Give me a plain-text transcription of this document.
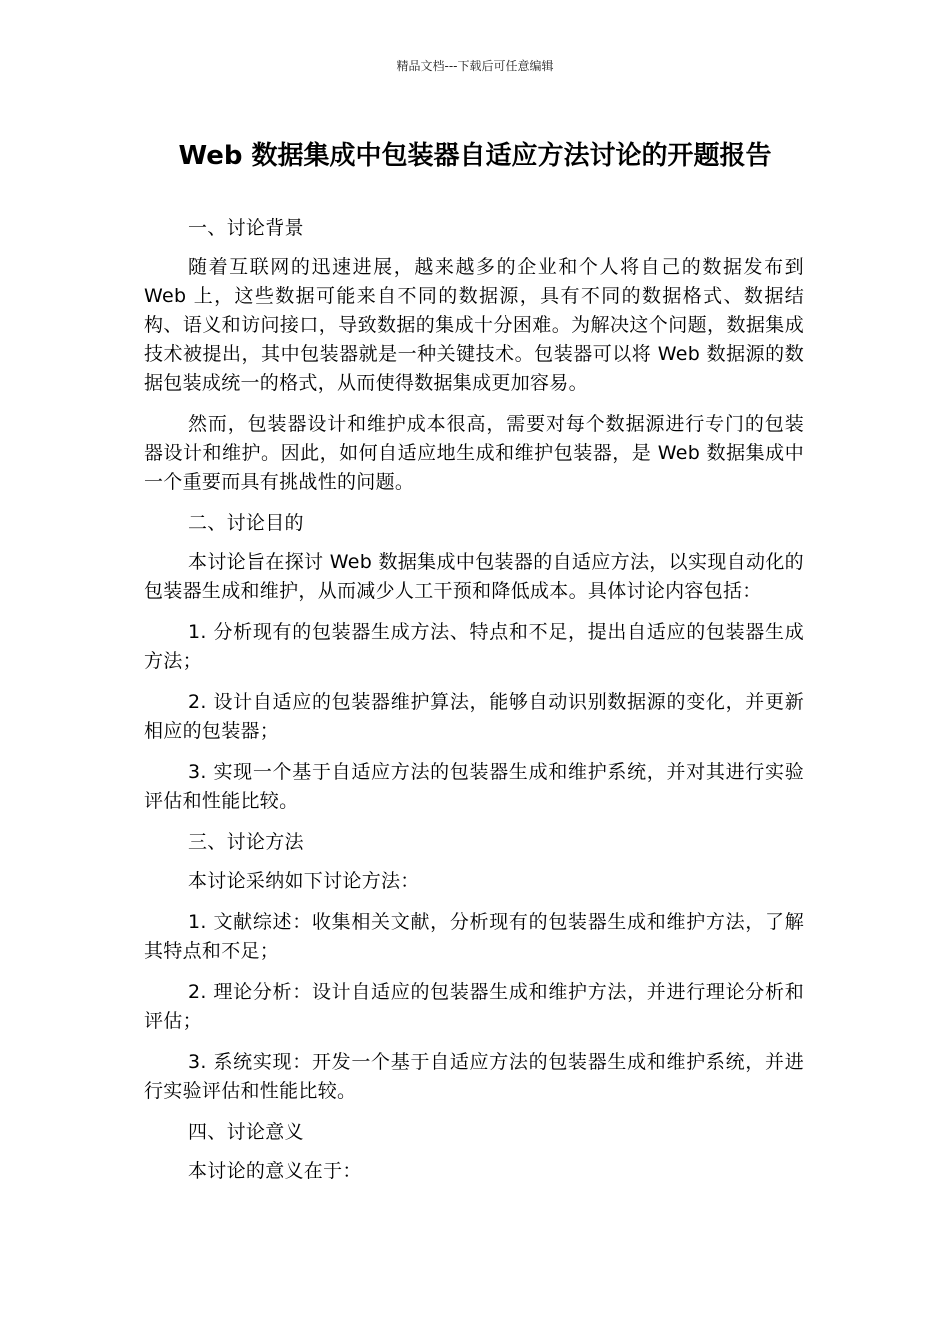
精品文档---下载后可任意编辑
Web 数据集成中包装器自适应方法讨论的开题报告

一、讨论背景

随着互联网的迅速进展，越来越多的企业和个人将自己的数据发布到 Web 上，这些数据可能来自不同的数据源，具有不同的数据格式、数据结构、语义和访问接口，导致数据的集成十分困难。为解决这个问题，数据集成技术被提出，其中包装器就是一种关键技术。包装器可以将 Web 数据源的数据包装成统一的格式，从而使得数据集成更加容易。

然而，包装器设计和维护成本很高，需要对每个数据源进行专门的包装器设计和维护。因此，如何自适应地生成和维护包装器，是 Web 数据集成中一个重要而具有挑战性的问题。

二、讨论目的

本讨论旨在探讨 Web 数据集成中包装器的自适应方法，以实现自动化的包装器生成和维护，从而减少人工干预和降低成本。具体讨论内容包括：

1. 分析现有的包装器生成方法、特点和不足，提出自适应的包装器生成方法；

2. 设计自适应的包装器维护算法，能够自动识别数据源的变化，并更新相应的包装器；

3. 实现一个基于自适应方法的包装器生成和维护系统，并对其进行实验评估和性能比较。

三、讨论方法

本讨论采纳如下讨论方法：

1. 文献综述：收集相关文献，分析现有的包装器生成和维护方法，了解其特点和不足；

2. 理论分析：设计自适应的包装器生成和维护方法，并进行理论分析和评估；

3. 系统实现：开发一个基于自适应方法的包装器生成和维护系统，并进行实验评估和性能比较。

四、讨论意义

本讨论的意义在于：
